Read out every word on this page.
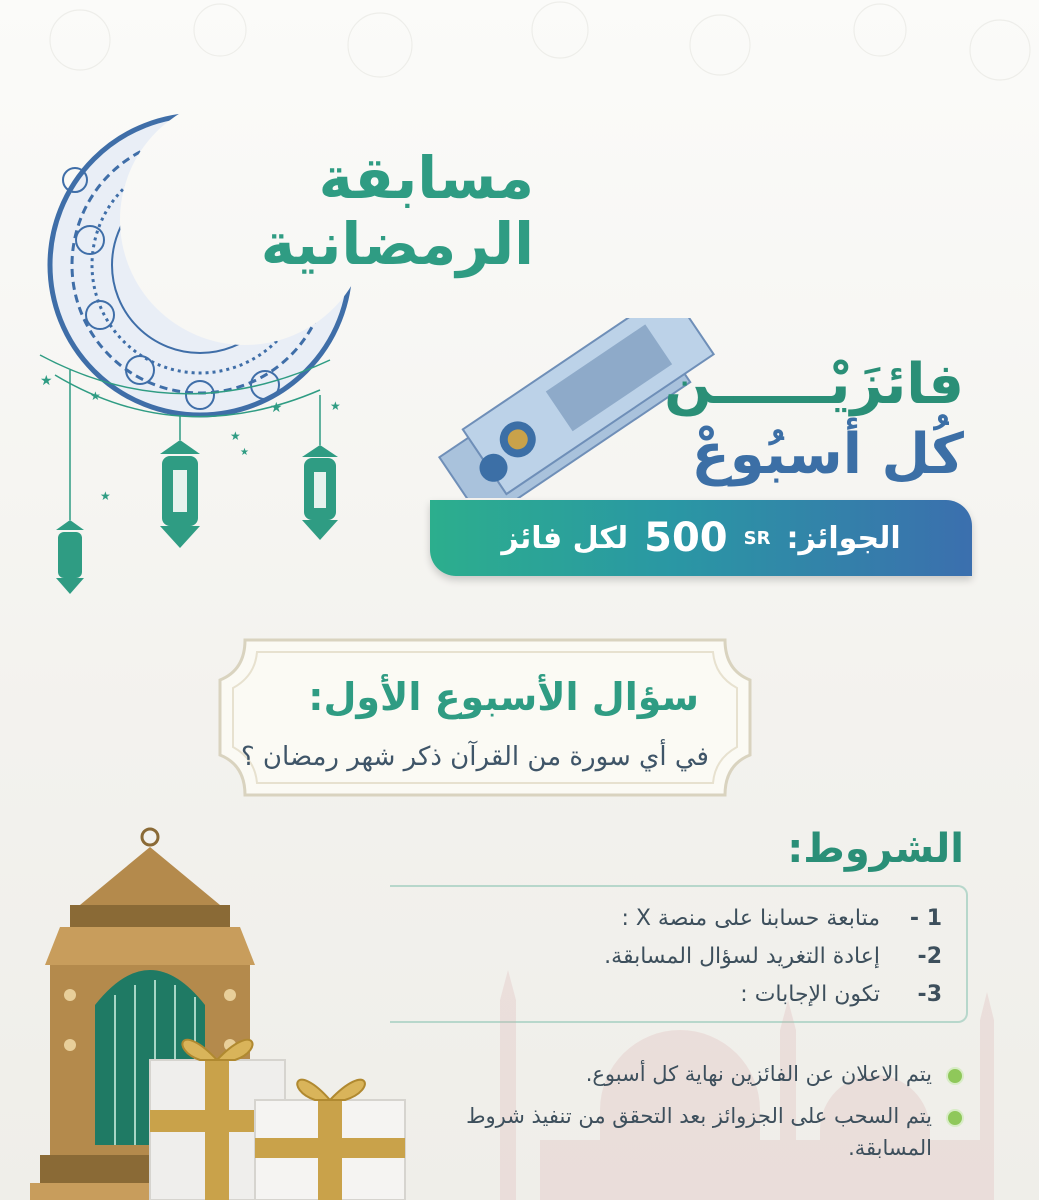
★
★
★
★	★
★
★
مسابقة
الرمضانية
فائزَيْــــــن
كُل أسبُوعْ
الجوائز:
SR
500
لكل فائز
سؤال الأسبوع الأول:
في أي سورة من القرآن ذكر شهر رمضان ؟
الشروط:
1 -
متابعة حسابنا على منصة X :
2-
إعادة التغريد لسؤال المسابقة.
3-
تكون الإجابات :
يتم الاعلان عن الفائزين نهاية كل أسبوع.
يتم السحب على الجزوائز بعد التحقق من تنفيذ شروط المسابقة.
